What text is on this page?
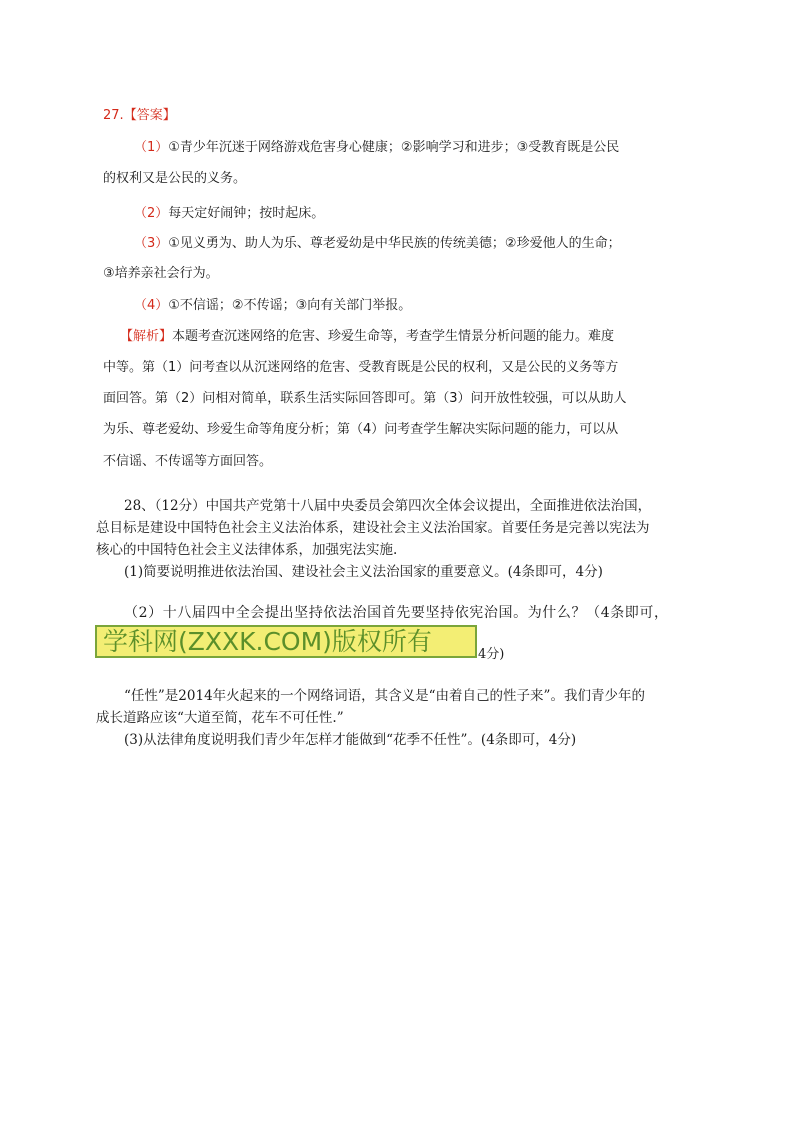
27.【答案】
（1）①青少年沉迷于网络游戏危害身心健康；②影响学习和进步；③受教育既是公民
的权利又是公民的义务。
（2）每天定好闹钟；按时起床。
（3）①见义勇为、助人为乐、尊老爱幼是中华民族的传统美德；②珍爱他人的生命；
③培养亲社会行为。
（4）①不信谣；②不传谣；③向有关部门举报。
【解析】本题考查沉迷网络的危害、珍爱生命等，考查学生情景分析问题的能力。难度
中等。第（1）问考查以从沉迷网络的危害、受教育既是公民的权利，又是公民的义务等方
面回答。第（2）问相对简单，联系生活实际回答即可。第（3）问开放性较强，可以从助人
为乐、尊老爱幼、珍爱生命等角度分析；第（4）问考查学生解决实际问题的能力，可以从
不信谣、不传谣等方面回答。
28、（12分）中国共产党第十八届中央委员会第四次全体会议提出，全面推进依法治国，
总目标是建设中国特色社会主义法治体系，建设社会主义法治国家。首要任务是完善以宪法为
核心的中国特色社会主义法律体系，加强宪法实施.
(1)简要说明推进依法治国、建设社会主义法治国家的重要意义。(4条即可，4分)
（2）十八届四中全会提出坚持依法治国首先要坚持依宪治国。为什么？（4条即可，
学科网(ZXXK.COM)版权所有	4分)
“任性”是2014年火起来的一个网络词语，其含义是“由着自己的性子来”。我们青少年的
成长道路应该“大道至简，花车不可任性.”
(3)从法律角度说明我们青少年怎样才能做到“花季不任性”。(4条即可，4分)
